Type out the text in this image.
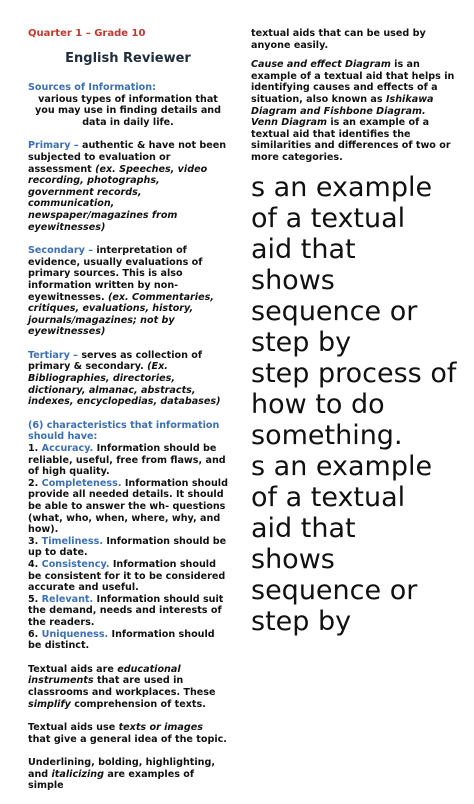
Quarter 1 – Grade 10
English Reviewer
Sources of Information:

various types of information that you may use in finding details and data in daily life.

Primary – authentic & have not been subjected to evaluation or assessment (ex. Speeches, video recording, photographs, government records, communication, newspaper/magazines from eyewitnesses)

Secondary – interpretation of evidence, usually evaluations of primary sources. This is also information written by non-eyewitnesses. (ex. Commentaries, critiques, evaluations, history, journals/magazines; not by eyewitnesses)

Tertiary – serves as collection of primary & secondary. (Ex. Bibliographies, directories, dictionary, almanac, abstracts, indexes, encyclopedias, databases)

(6) characteristics that information should have:
1. Accuracy. Information should be reliable, useful, free from flaws, and of high quality.
2. Completeness. Information should provide all needed details. It should be able to answer the wh- questions (what, who, when, where, why, and how).
3. Timeliness. Information should be up to date.
4. Consistency. Information should be consistent for it to be considered accurate and useful.
5. Relevant. Information should suit the demand, needs and interests of the readers.
6. Uniqueness. Information should be distinct.

Textual aids are educational instruments that are used in classrooms and workplaces. These simplify comprehension of texts.

Textual aids use texts or images that give a general idea of the topic.

Underlining, bolding, highlighting, and italicizing are examples of simple

textual aids that can be used by anyone easily.

Cause and effect Diagram is an example of a textual aid that helps in identifying causes and effects of a situation, also known as Ishikawa Diagram and Fishbone Diagram.

Venn Diagram is an example of a textual aid that identifies the similarities and differences of two or more categories.

s an example
of a textual
aid that
shows
sequence or
step by
step process of
how to do
something.
s an example
of a textual
aid that
shows
sequence or
step by
